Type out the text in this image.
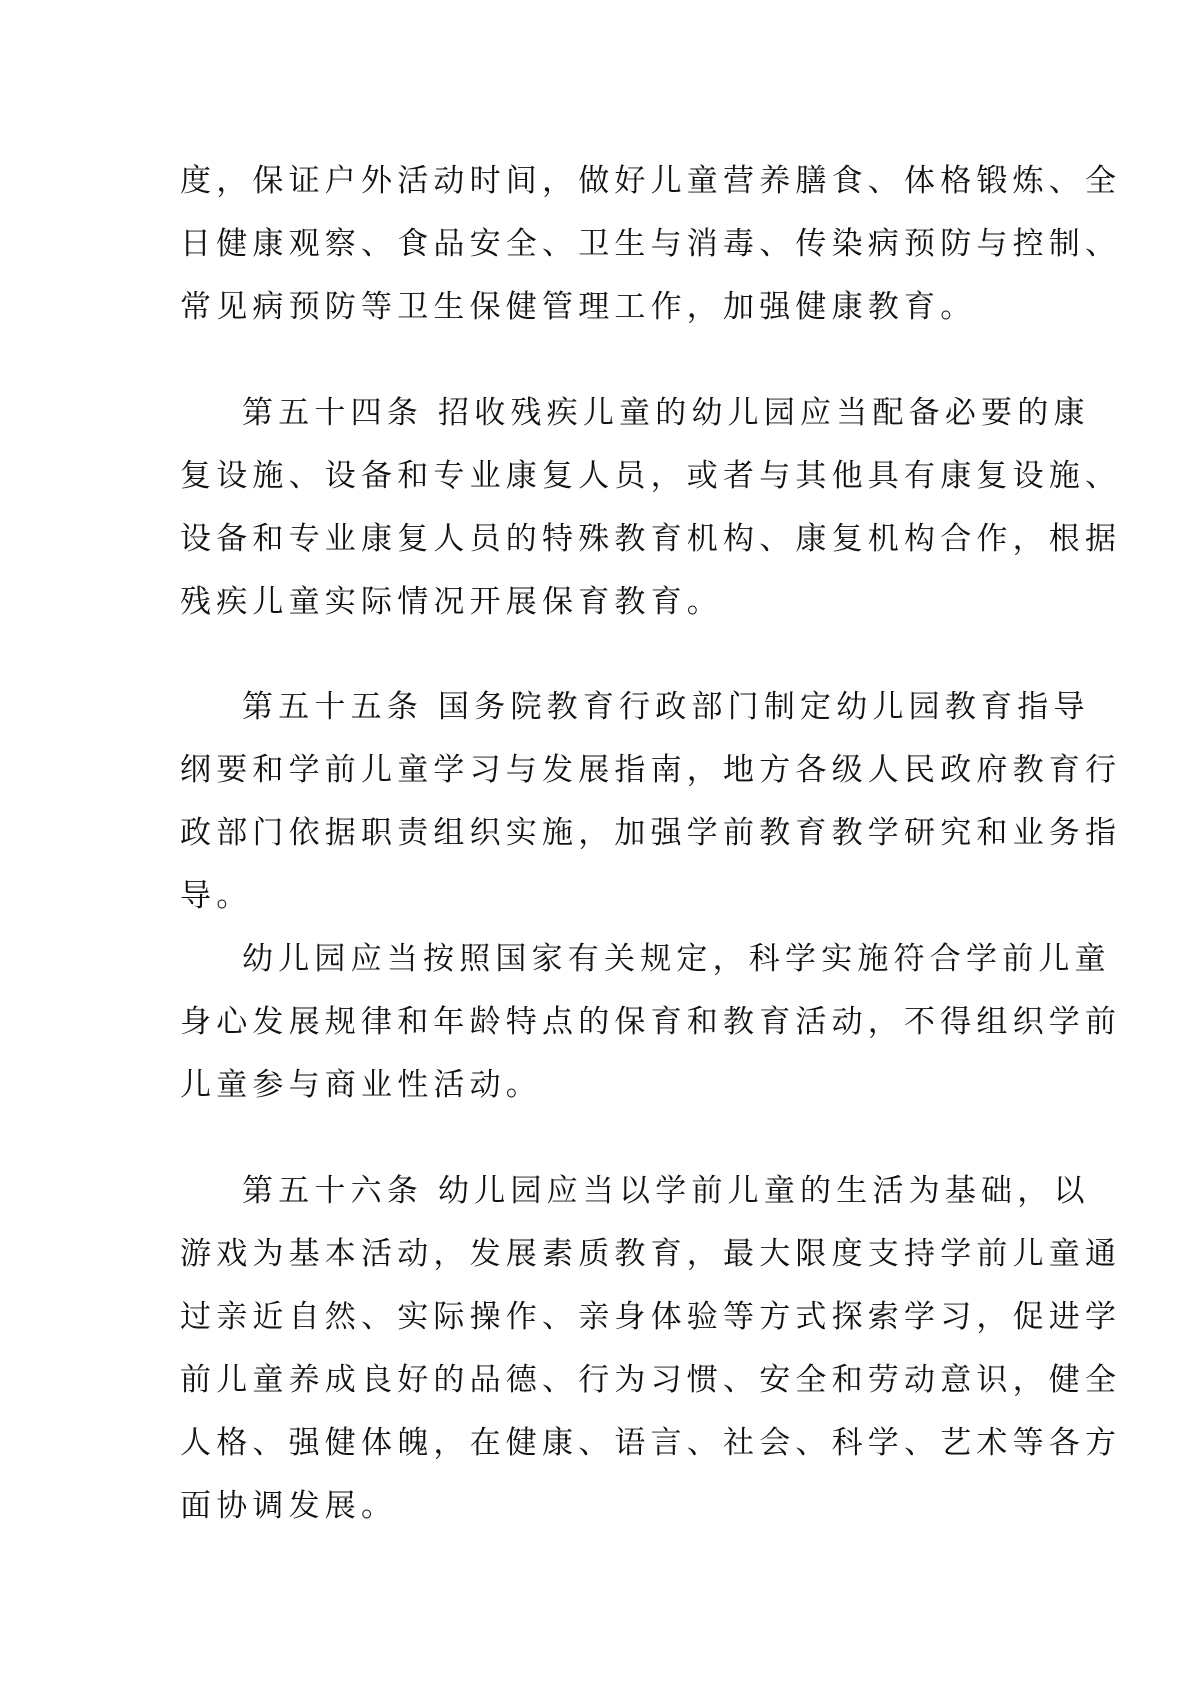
度，保证户外活动时间，做好儿童营养膳食、体格锻炼、全
日健康观察、食品安全、卫生与消毒、传染病预防与控制、
常见病预防等卫生保健管理工作，加强健康教育。
第五十四条 招收残疾儿童的幼儿园应当配备必要的康
复设施、设备和专业康复人员，或者与其他具有康复设施、
设备和专业康复人员的特殊教育机构、康复机构合作，根据
残疾儿童实际情况开展保育教育。
第五十五条 国务院教育行政部门制定幼儿园教育指导
纲要和学前儿童学习与发展指南，地方各级人民政府教育行
政部门依据职责组织实施，加强学前教育教学研究和业务指
导。
幼儿园应当按照国家有关规定，科学实施符合学前儿童
身心发展规律和年龄特点的保育和教育活动，不得组织学前
儿童参与商业性活动。
第五十六条 幼儿园应当以学前儿童的生活为基础，以
游戏为基本活动，发展素质教育，最大限度支持学前儿童通
过亲近自然、实际操作、亲身体验等方式探索学习，促进学
前儿童养成良好的品德、行为习惯、安全和劳动意识，健全
人格、强健体魄，在健康、语言、社会、科学、艺术等各方
面协调发展。
